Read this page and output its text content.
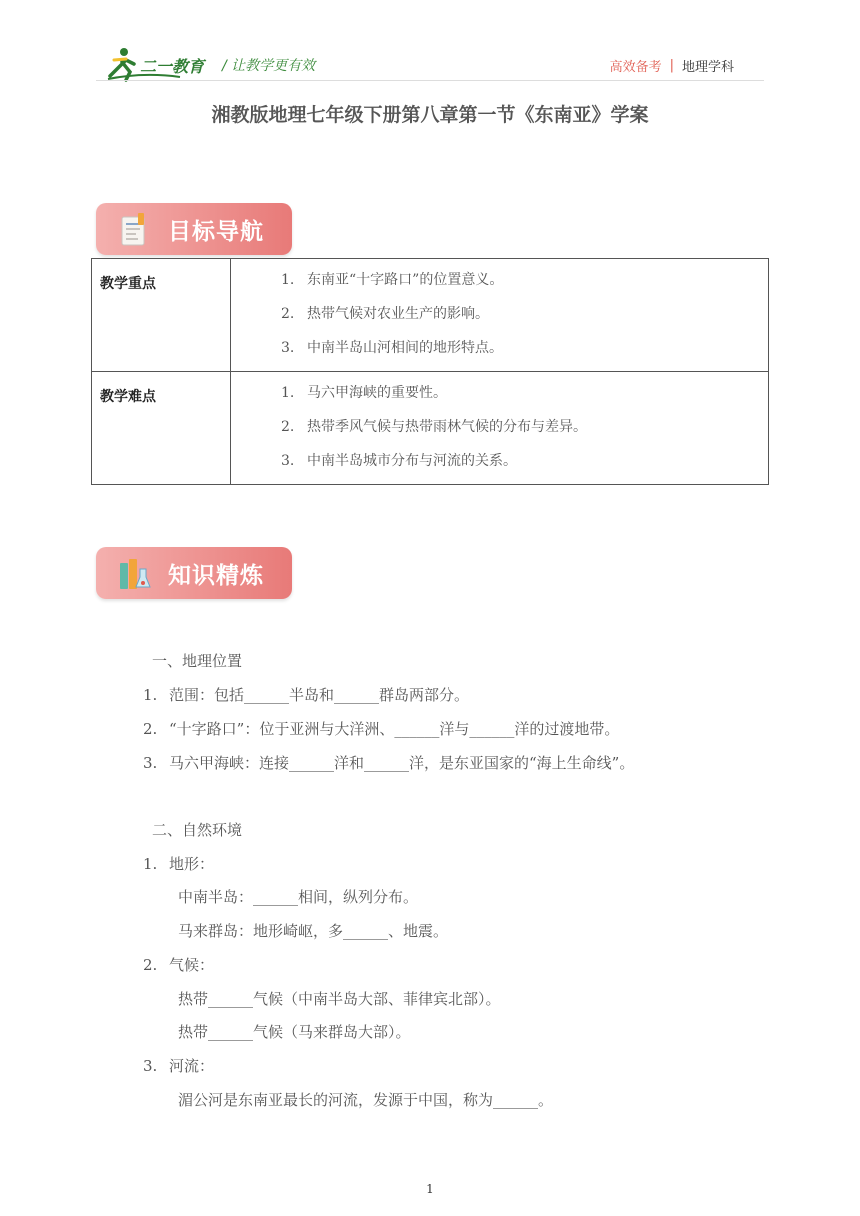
二一教育 / 让教学更有效	高效备考 | 地理学科
湘教版地理七年级下册第八章第一节《东南亚》学案
目标导航
教学重点	1. 东南亚“十字路口”的位置意义。
2. 热带气候对农业生产的影响。
3. 中南半岛山河相间的地形特点。

教学难点	1. 马六甲海峡的重要性。
2. 热带季风气候与热带雨林气候的分布与差异。
3. 中南半岛城市分布与河流的关系。
知识精炼
一、地理位置
1. 范围：包括______半岛和______群岛两部分。
2. “十字路口”：位于亚洲与大洋洲、______洋与______洋的过渡地带。
3. 马六甲海峡：连接______洋和______洋，是东亚国家的“海上生命线”。
二、自然环境
1. 地形：
中南半岛：______相间，纵列分布。
马来群岛：地形崎岖，多______、地震。
2. 气候：
热带______气候（中南半岛大部、菲律宾北部）。
热带______气候（马来群岛大部）。
3. 河流：
湄公河是东南亚最长的河流，发源于中国，称为______。
1
